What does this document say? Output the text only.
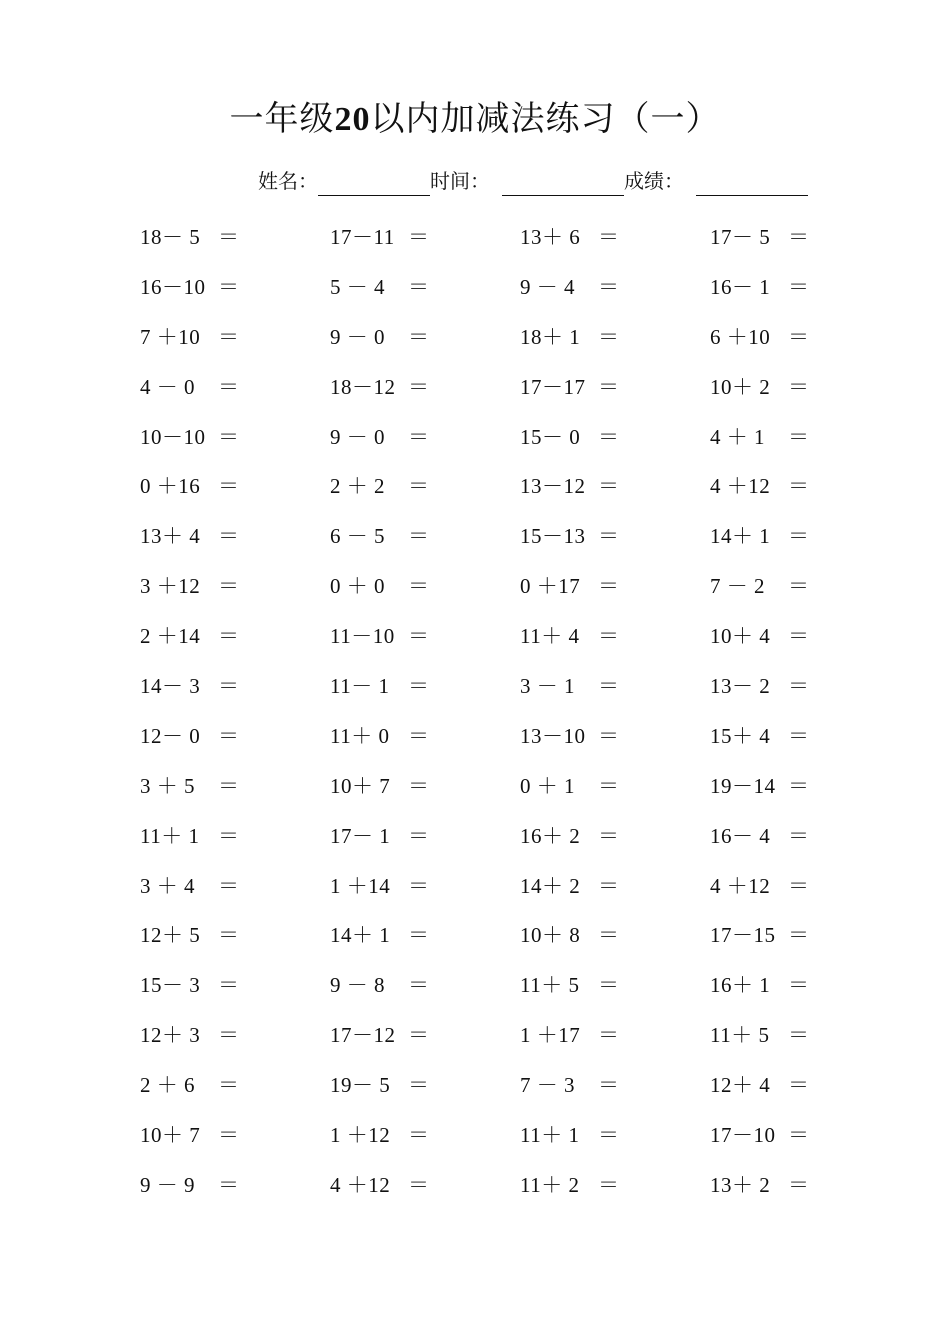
一年级20以内加减法练习（一）
姓名：	时间：	成绩：
18－ 5 ＝	17－11 ＝	13＋ 6 ＝	17－ 5 ＝
16－10 ＝	5 － 4	＝	9 － 4	＝	16－ 1 ＝
7 ＋10 ＝	9 － 0	＝	18＋ 1 ＝	6 ＋10 ＝
4 － 0	＝	18－12 ＝	17－17 ＝	10＋ 2 ＝
10－10 ＝	9 － 0	＝	15－ 0 ＝	4 ＋ 1	＝
0 ＋16 ＝	2 ＋ 2	＝	13－12 ＝	4 ＋12 ＝
13＋ 4 ＝	6 － 5	＝	15－13 ＝	14＋ 1 ＝
3 ＋12 ＝	0 ＋ 0	＝	0 ＋17 ＝	7 － 2	＝
2 ＋14 ＝	11－10 ＝	11＋ 4 ＝	10＋ 4 ＝
14－ 3 ＝	11－ 1 ＝	3 － 1	＝	13－ 2 ＝
12－ 0 ＝	11＋ 0 ＝	13－10 ＝	15＋ 4 ＝
3 ＋ 5	＝	10＋ 7 ＝	0 ＋ 1	＝	19－14 ＝
11＋ 1 ＝	17－ 1 ＝	16＋ 2 ＝	16－ 4 ＝
3 ＋ 4	＝	1 ＋14 ＝	14＋ 2 ＝	4 ＋12 ＝
12＋ 5 ＝	14＋ 1 ＝	10＋ 8 ＝	17－15 ＝
15－ 3 ＝	9 － 8	＝	11＋ 5 ＝	16＋ 1 ＝
12＋ 3 ＝	17－12 ＝	1 ＋17 ＝	11＋ 5 ＝
2 ＋ 6	＝	19－ 5 ＝	7 － 3	＝	12＋ 4 ＝
10＋ 7 ＝	1 ＋12 ＝	11＋ 1 ＝	17－10 ＝
9 － 9	＝	4 ＋12 ＝	11＋ 2 ＝	13＋ 2 ＝
